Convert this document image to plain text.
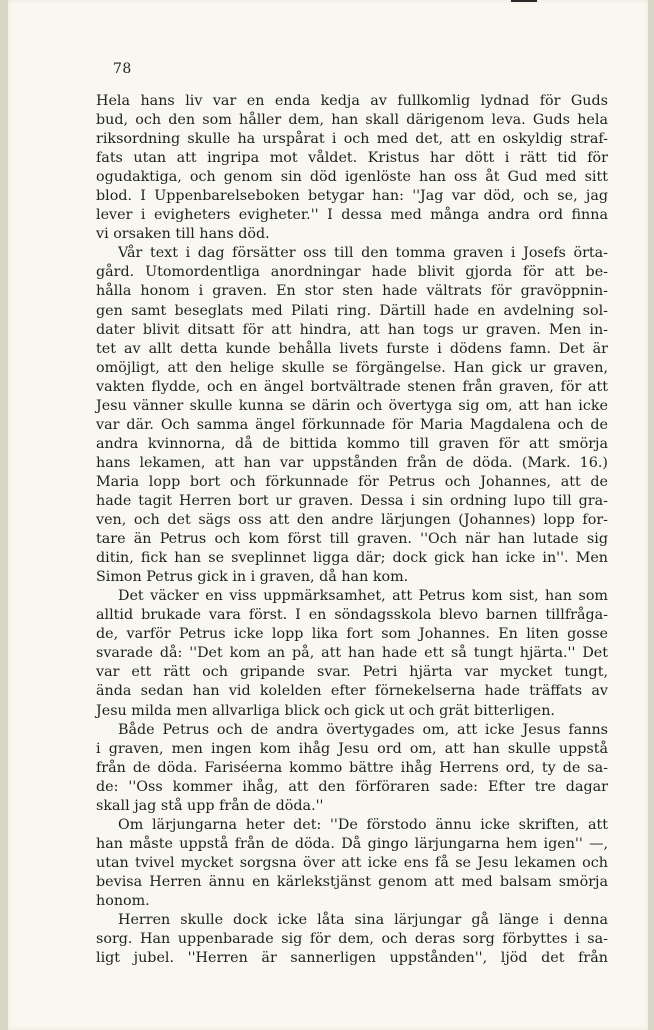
78
Hela hans liv var en enda kedja av fullkomlig lydnad för Guds
bud, och den som håller dem, han skall därigenom leva. Guds hela
riksordning skulle ha urspårat i och med det, att en oskyldig straf-
fats utan att ingripa mot våldet. Kristus har dött i rätt tid för
ogudaktiga, och genom sin död igenlöste han oss åt Gud med sitt
blod. I Uppenbarelseboken betygar han: ''Jag var död, och se, jag
lever i evigheters evigheter.'' I dessa med många andra ord finna
vi orsaken till hans död.
Vår text i dag försätter oss till den tomma graven i Josefs örta-
gård. Utomordentliga anordningar hade blivit gjorda för att be-
hålla honom i graven. En stor sten hade vältrats för gravöppnin-
gen samt beseglats med Pilati ring. Därtill hade en avdelning sol-
dater blivit ditsatt för att hindra, att han togs ur graven. Men in-
tet av allt detta kunde behålla livets furste i dödens famn. Det är
omöjligt, att den helige skulle se förgängelse. Han gick ur graven,
vakten flydde, och en ängel bortvältrade stenen från graven, för att
Jesu vänner skulle kunna se därin och övertyga sig om, att han icke
var där. Och samma ängel förkunnade för Maria Magdalena och de
andra kvinnorna, då de bittida kommo till graven för att smörja
hans lekamen, att han var uppstånden från de döda. (Mark. 16.)
Maria lopp bort och förkunnade för Petrus och Johannes, att de
hade tagit Herren bort ur graven. Dessa i sin ordning lupo till gra-
ven, och det sägs oss att den andre lärjungen (Johannes) lopp for-
tare än Petrus och kom först till graven. ''Och när han lutade sig
ditin, fick han se sveplinnet ligga där; dock gick han icke in''. Men
Simon Petrus gick in i graven, då han kom.
Det väcker en viss uppmärksamhet, att Petrus kom sist, han som
alltid brukade vara först. I en söndagsskola blevo barnen tillfråga-
de, varför Petrus icke lopp lika fort som Johannes. En liten gosse
svarade då: ''Det kom an på, att han hade ett så tungt hjärta.'' Det
var ett rätt och gripande svar. Petri hjärta var mycket tungt,
ända sedan han vid kolelden efter förnekelserna hade träffats av
Jesu milda men allvarliga blick och gick ut och grät bitterligen.
Både Petrus och de andra övertygades om, att icke Jesus fanns
i graven, men ingen kom ihåg Jesu ord om, att han skulle uppstå
från de döda. Fariséerna kommo bättre ihåg Herrens ord, ty de sa-
de: ''Oss kommer ihåg, att den förföraren sade: Efter tre dagar
skall jag stå upp från de döda.''
Om lärjungarna heter det: ''De förstodo ännu icke skriften, att
han måste uppstå från de döda. Då gingo lärjungarna hem igen'' —,
utan tvivel mycket sorgsna över att icke ens få se Jesu lekamen och
bevisa Herren ännu en kärlekstjänst genom att med balsam smörja
honom.
Herren skulle dock icke låta sina lärjungar gå länge i denna
sorg. Han uppenbarade sig för dem, och deras sorg förbyttes i sa-
ligt jubel. ''Herren är sannerligen uppstånden'', ljöd det från
